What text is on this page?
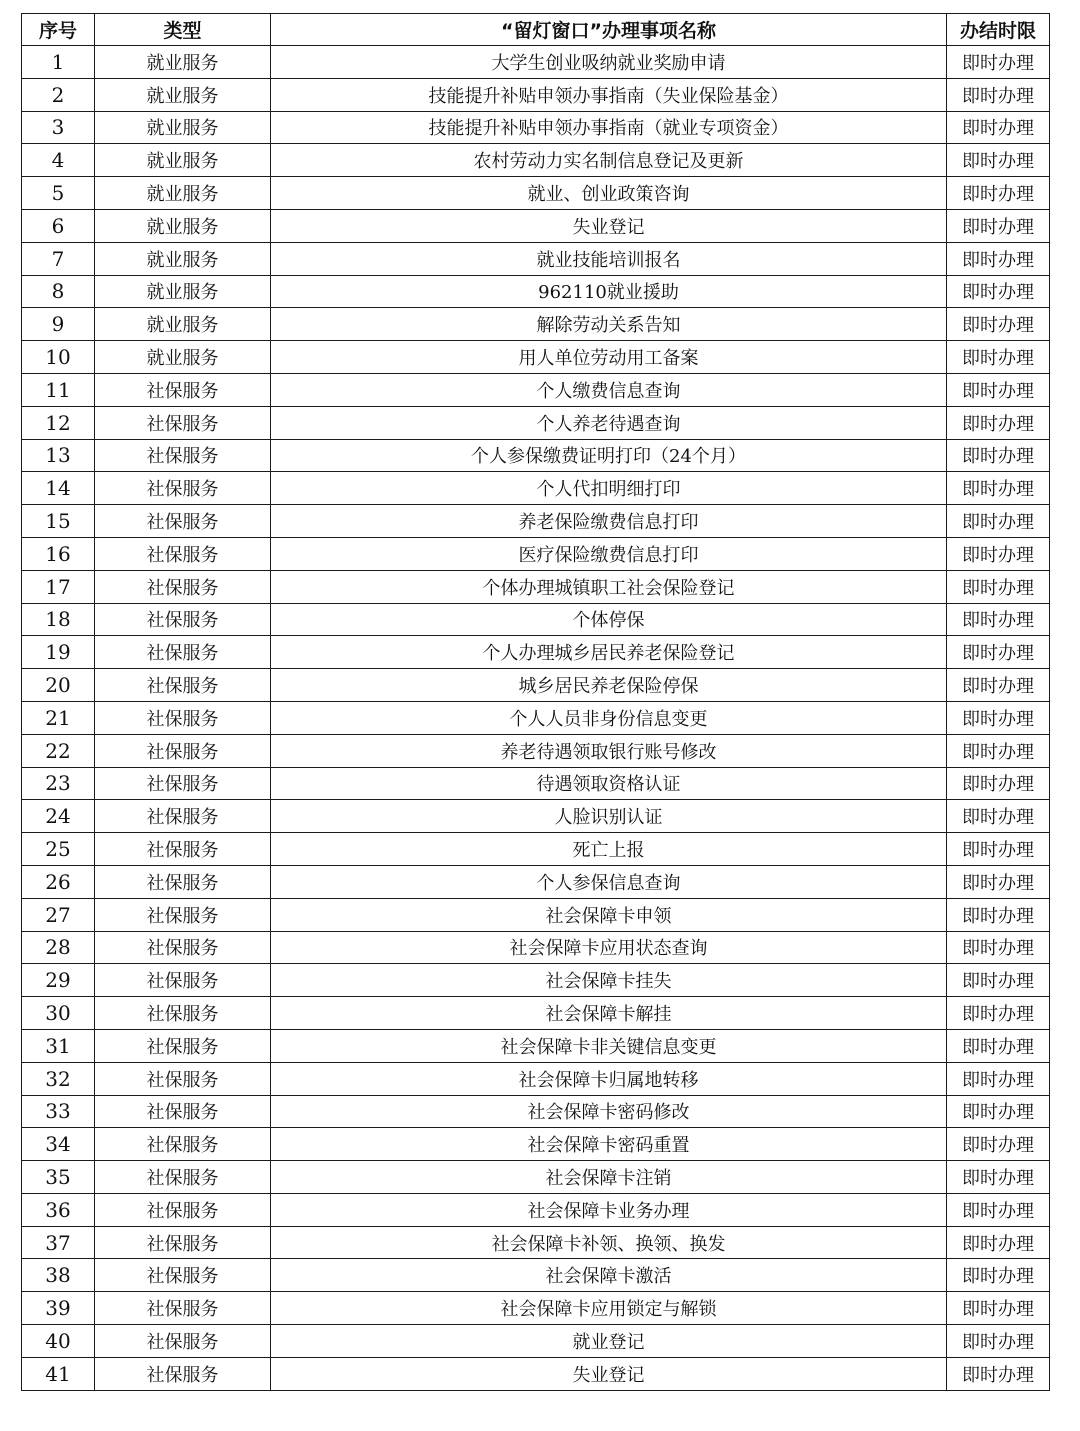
序号	类型	“留灯窗口”办理事项名称	办结时限
1	就业服务	大学生创业吸纳就业奖励申请	即时办理
2	就业服务	技能提升补贴申领办事指南（失业保险基金）	即时办理
3	就业服务	技能提升补贴申领办事指南（就业专项资金）	即时办理
4	就业服务	农村劳动力实名制信息登记及更新	即时办理
5	就业服务	就业、创业政策咨询	即时办理
6	就业服务	失业登记	即时办理
7	就业服务	就业技能培训报名	即时办理
8	就业服务	962110就业援助	即时办理
9	就业服务	解除劳动关系告知	即时办理
10	就业服务	用人单位劳动用工备案	即时办理
11	社保服务	个人缴费信息查询	即时办理
12	社保服务	个人养老待遇查询	即时办理
13	社保服务	个人参保缴费证明打印（24个月）	即时办理
14	社保服务	个人代扣明细打印	即时办理
15	社保服务	养老保险缴费信息打印	即时办理
16	社保服务	医疗保险缴费信息打印	即时办理
17	社保服务	个体办理城镇职工社会保险登记	即时办理
18	社保服务	个体停保	即时办理
19	社保服务	个人办理城乡居民养老保险登记	即时办理
20	社保服务	城乡居民养老保险停保	即时办理
21	社保服务	个人人员非身份信息变更	即时办理
22	社保服务	养老待遇领取银行账号修改	即时办理
23	社保服务	待遇领取资格认证	即时办理
24	社保服务	人脸识别认证	即时办理
25	社保服务	死亡上报	即时办理
26	社保服务	个人参保信息查询	即时办理
27	社保服务	社会保障卡申领	即时办理
28	社保服务	社会保障卡应用状态查询	即时办理
29	社保服务	社会保障卡挂失	即时办理
30	社保服务	社会保障卡解挂	即时办理
31	社保服务	社会保障卡非关键信息变更	即时办理
32	社保服务	社会保障卡归属地转移	即时办理
33	社保服务	社会保障卡密码修改	即时办理
34	社保服务	社会保障卡密码重置	即时办理
35	社保服务	社会保障卡注销	即时办理
36	社保服务	社会保障卡业务办理	即时办理
37	社保服务	社会保障卡补领、换领、换发	即时办理
38	社保服务	社会保障卡激活	即时办理
39	社保服务	社会保障卡应用锁定与解锁	即时办理
40	社保服务	就业登记	即时办理
41	社保服务	失业登记	即时办理
